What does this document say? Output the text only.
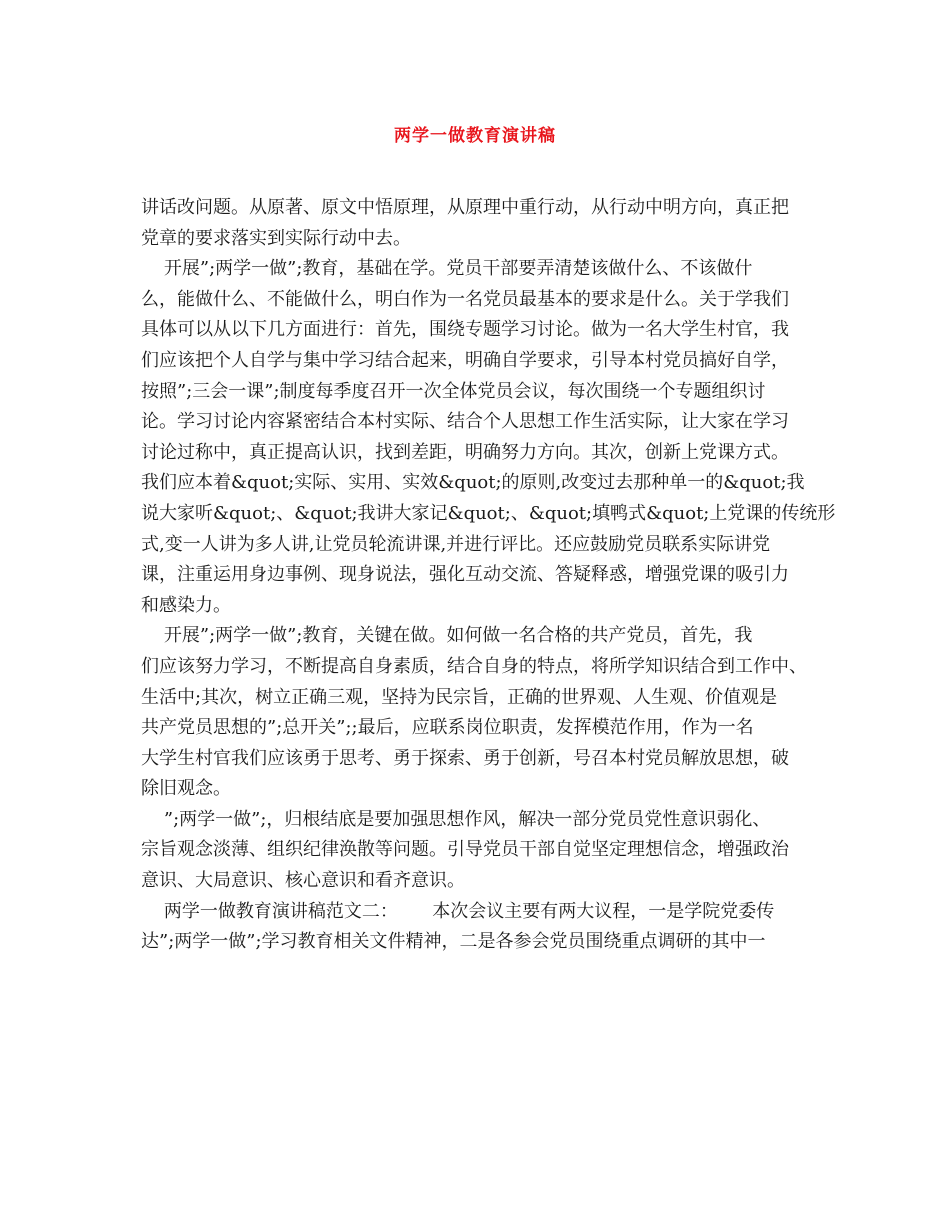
两学一做教育演讲稿
讲话改问题。从原著、原文中悟原理，从原理中重行动，从行动中明方向，真正把
党章的要求落实到实际行动中去。
开展”;两学一做”;教育，基础在学。党员干部要弄清楚该做什么、不该做什
么，能做什么、不能做什么，明白作为一名党员最基本的要求是什么。关于学我们
具体可以从以下几方面进行：首先，围绕专题学习讨论。做为一名大学生村官，我
们应该把个人自学与集中学习结合起来，明确自学要求，引导本村党员搞好自学，
按照”;三会一课”;制度每季度召开一次全体党员会议，每次围绕一个专题组织讨
论。学习讨论内容紧密结合本村实际、结合个人思想工作生活实际，让大家在学习
讨论过称中，真正提高认识，找到差距，明确努力方向。其次，创新上党课方式。
我们应本着&quot;实际、实用、实效&quot;的原则,改变过去那种单一的&quot;我
说大家听&quot;、&quot;我讲大家记&quot;、&quot;填鸭式&quot;上党课的传统形
式,变一人讲为多人讲,让党员轮流讲课,并进行评比。还应鼓励党员联系实际讲党
课，注重运用身边事例、现身说法，强化互动交流、答疑释惑，增强党课的吸引力
和感染力。
开展”;两学一做”;教育，关键在做。如何做一名合格的共产党员，首先，我
们应该努力学习，不断提高自身素质，结合自身的特点，将所学知识结合到工作中、
生活中;其次，树立正确三观，坚持为民宗旨，正确的世界观、人生观、价值观是
共产党员思想的”;总开关”;;最后，应联系岗位职责，发挥模范作用，作为一名
大学生村官我们应该勇于思考、勇于探索、勇于创新，号召本村党员解放思想，破
除旧观念。
”;两学一做”;，归根结底是要加强思想作风，解决一部分党员党性意识弱化、
宗旨观念淡薄、组织纪律涣散等问题。引导党员干部自觉坚定理想信念，增强政治
意识、大局意识、核心意识和看齐意识。
两学一做教育演讲稿范文二：      本次会议主要有两大议程，一是学院党委传
达”;两学一做”;学习教育相关文件精神，二是各参会党员围绕重点调研的其中一
